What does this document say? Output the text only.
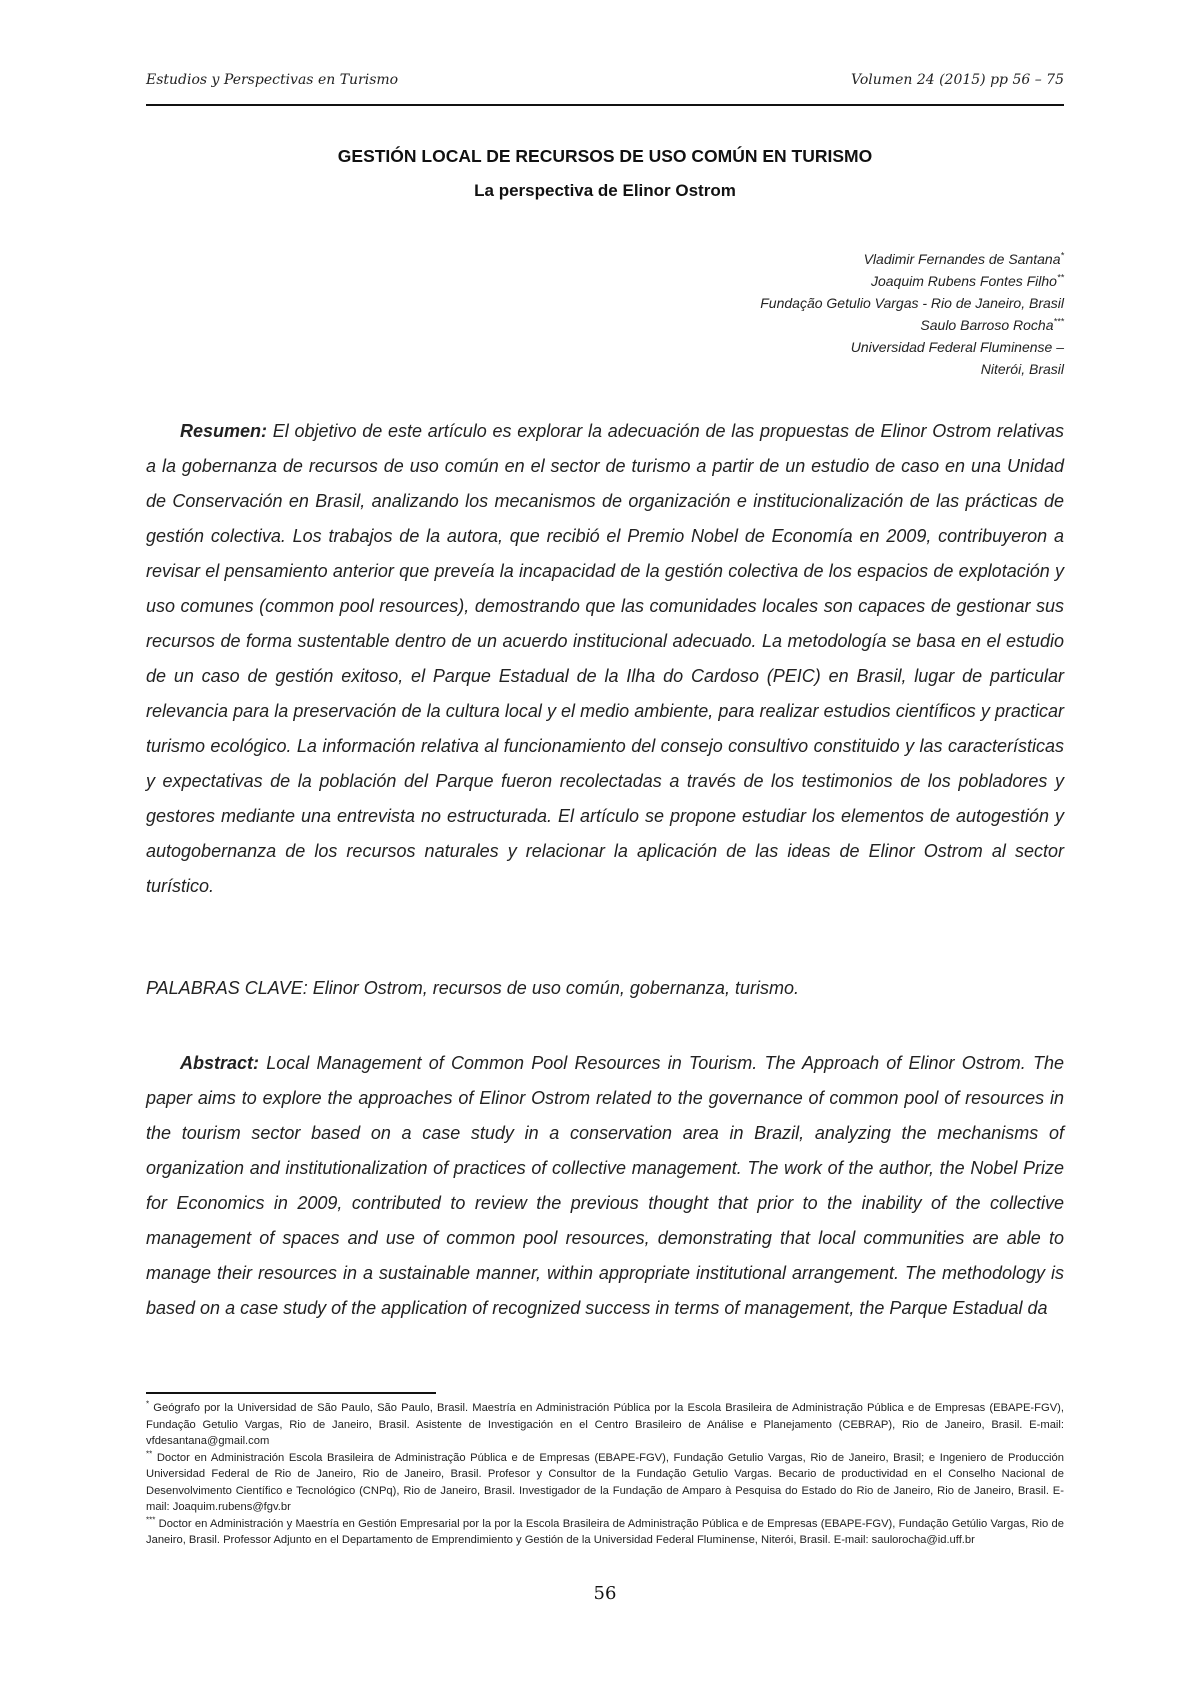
Estudios y Perspectivas en Turismo	Volumen 24 (2015) pp 56 – 75
GESTIÓN LOCAL DE RECURSOS DE USO COMÚN EN TURISMO
La perspectiva de Elinor Ostrom
Vladimir Fernandes de Santana*
Joaquim Rubens Fontes Filho**
Fundação Getulio Vargas - Rio de Janeiro, Brasil
Saulo Barroso Rocha***
Universidad Federal Fluminense –
Niterói, Brasil

Resumen: El objetivo de este artículo es explorar la adecuación de las propuestas de Elinor Ostrom relativas a la gobernanza de recursos de uso común en el sector de turismo a partir de un estudio de caso en una Unidad de Conservación en Brasil, analizando los mecanismos de organización e institucionalización de las prácticas de gestión colectiva. Los trabajos de la autora, que recibió el Premio Nobel de Economía en 2009, contribuyeron a revisar el pensamiento anterior que preveía la incapacidad de la gestión colectiva de los espacios de explotación y uso comunes (common pool resources), demostrando que las comunidades locales son capaces de gestionar sus recursos de forma sustentable dentro de un acuerdo institucional adecuado. La metodología se basa en el estudio de un caso de gestión exitoso, el Parque Estadual de la Ilha do Cardoso (PEIC) en Brasil, lugar de particular relevancia para la preservación de la cultura local y el medio ambiente, para realizar estudios científicos y practicar turismo ecológico. La información relativa al funcionamiento del consejo consultivo constituido y las características y expectativas de la población del Parque fueron recolectadas a través de los testimonios de los pobladores y gestores mediante una entrevista no estructurada. El artículo se propone estudiar los elementos de autogestión y autogobernanza de los recursos naturales y relacionar la aplicación de las ideas de Elinor Ostrom al sector turístico.

PALABRAS CLAVE: Elinor Ostrom, recursos de uso común, gobernanza, turismo.

Abstract: Local Management of Common Pool Resources in Tourism. The Approach of Elinor Ostrom. The paper aims to explore the approaches of Elinor Ostrom related to the governance of common pool of resources in the tourism sector based on a case study in a conservation area in Brazil, analyzing the mechanisms of organization and institutionalization of practices of collective management. The work of the author, the Nobel Prize for Economics in 2009, contributed to review the previous thought that prior to the inability of the collective management of spaces and use of common pool resources, demonstrating that local communities are able to manage their resources in a sustainable manner, within appropriate institutional arrangement. The methodology is based on a case study of the application of recognized success in terms of management, the Parque Estadual da

* Geógrafo por la Universidad de São Paulo, São Paulo, Brasil. Maestría en Administración Pública por la Escola Brasileira de Administração Pública e de Empresas (EBAPE-FGV), Fundação Getulio Vargas, Rio de Janeiro, Brasil. Asistente de Investigación en el Centro Brasileiro de Análise e Planejamento (CEBRAP), Rio de Janeiro, Brasil. E-mail: vfdesantana@gmail.com

** Doctor en Administración Escola Brasileira de Administração Pública e de Empresas (EBAPE-FGV), Fundação Getulio Vargas, Rio de Janeiro, Brasil; e Ingeniero de Producción Universidad Federal de Rio de Janeiro, Rio de Janeiro, Brasil. Profesor y Consultor de la Fundação Getulio Vargas. Becario de productividad en el Conselho Nacional de Desenvolvimento Científico e Tecnológico (CNPq), Rio de Janeiro, Brasil. Investigador de la Fundação de Amparo à Pesquisa do Estado do Rio de Janeiro, Rio de Janeiro, Brasil. E-mail: Joaquim.rubens@fgv.br

*** Doctor en Administración y Maestría en Gestión Empresarial por la por la Escola Brasileira de Administração Pública e de Empresas (EBAPE-FGV), Fundação Getúlio Vargas, Rio de Janeiro, Brasil. Professor Adjunto en el Departamento de Emprendimiento y Gestión de la Universidad Federal Fluminense, Niterói, Brasil. E-mail: saulorocha@id.uff.br

56
